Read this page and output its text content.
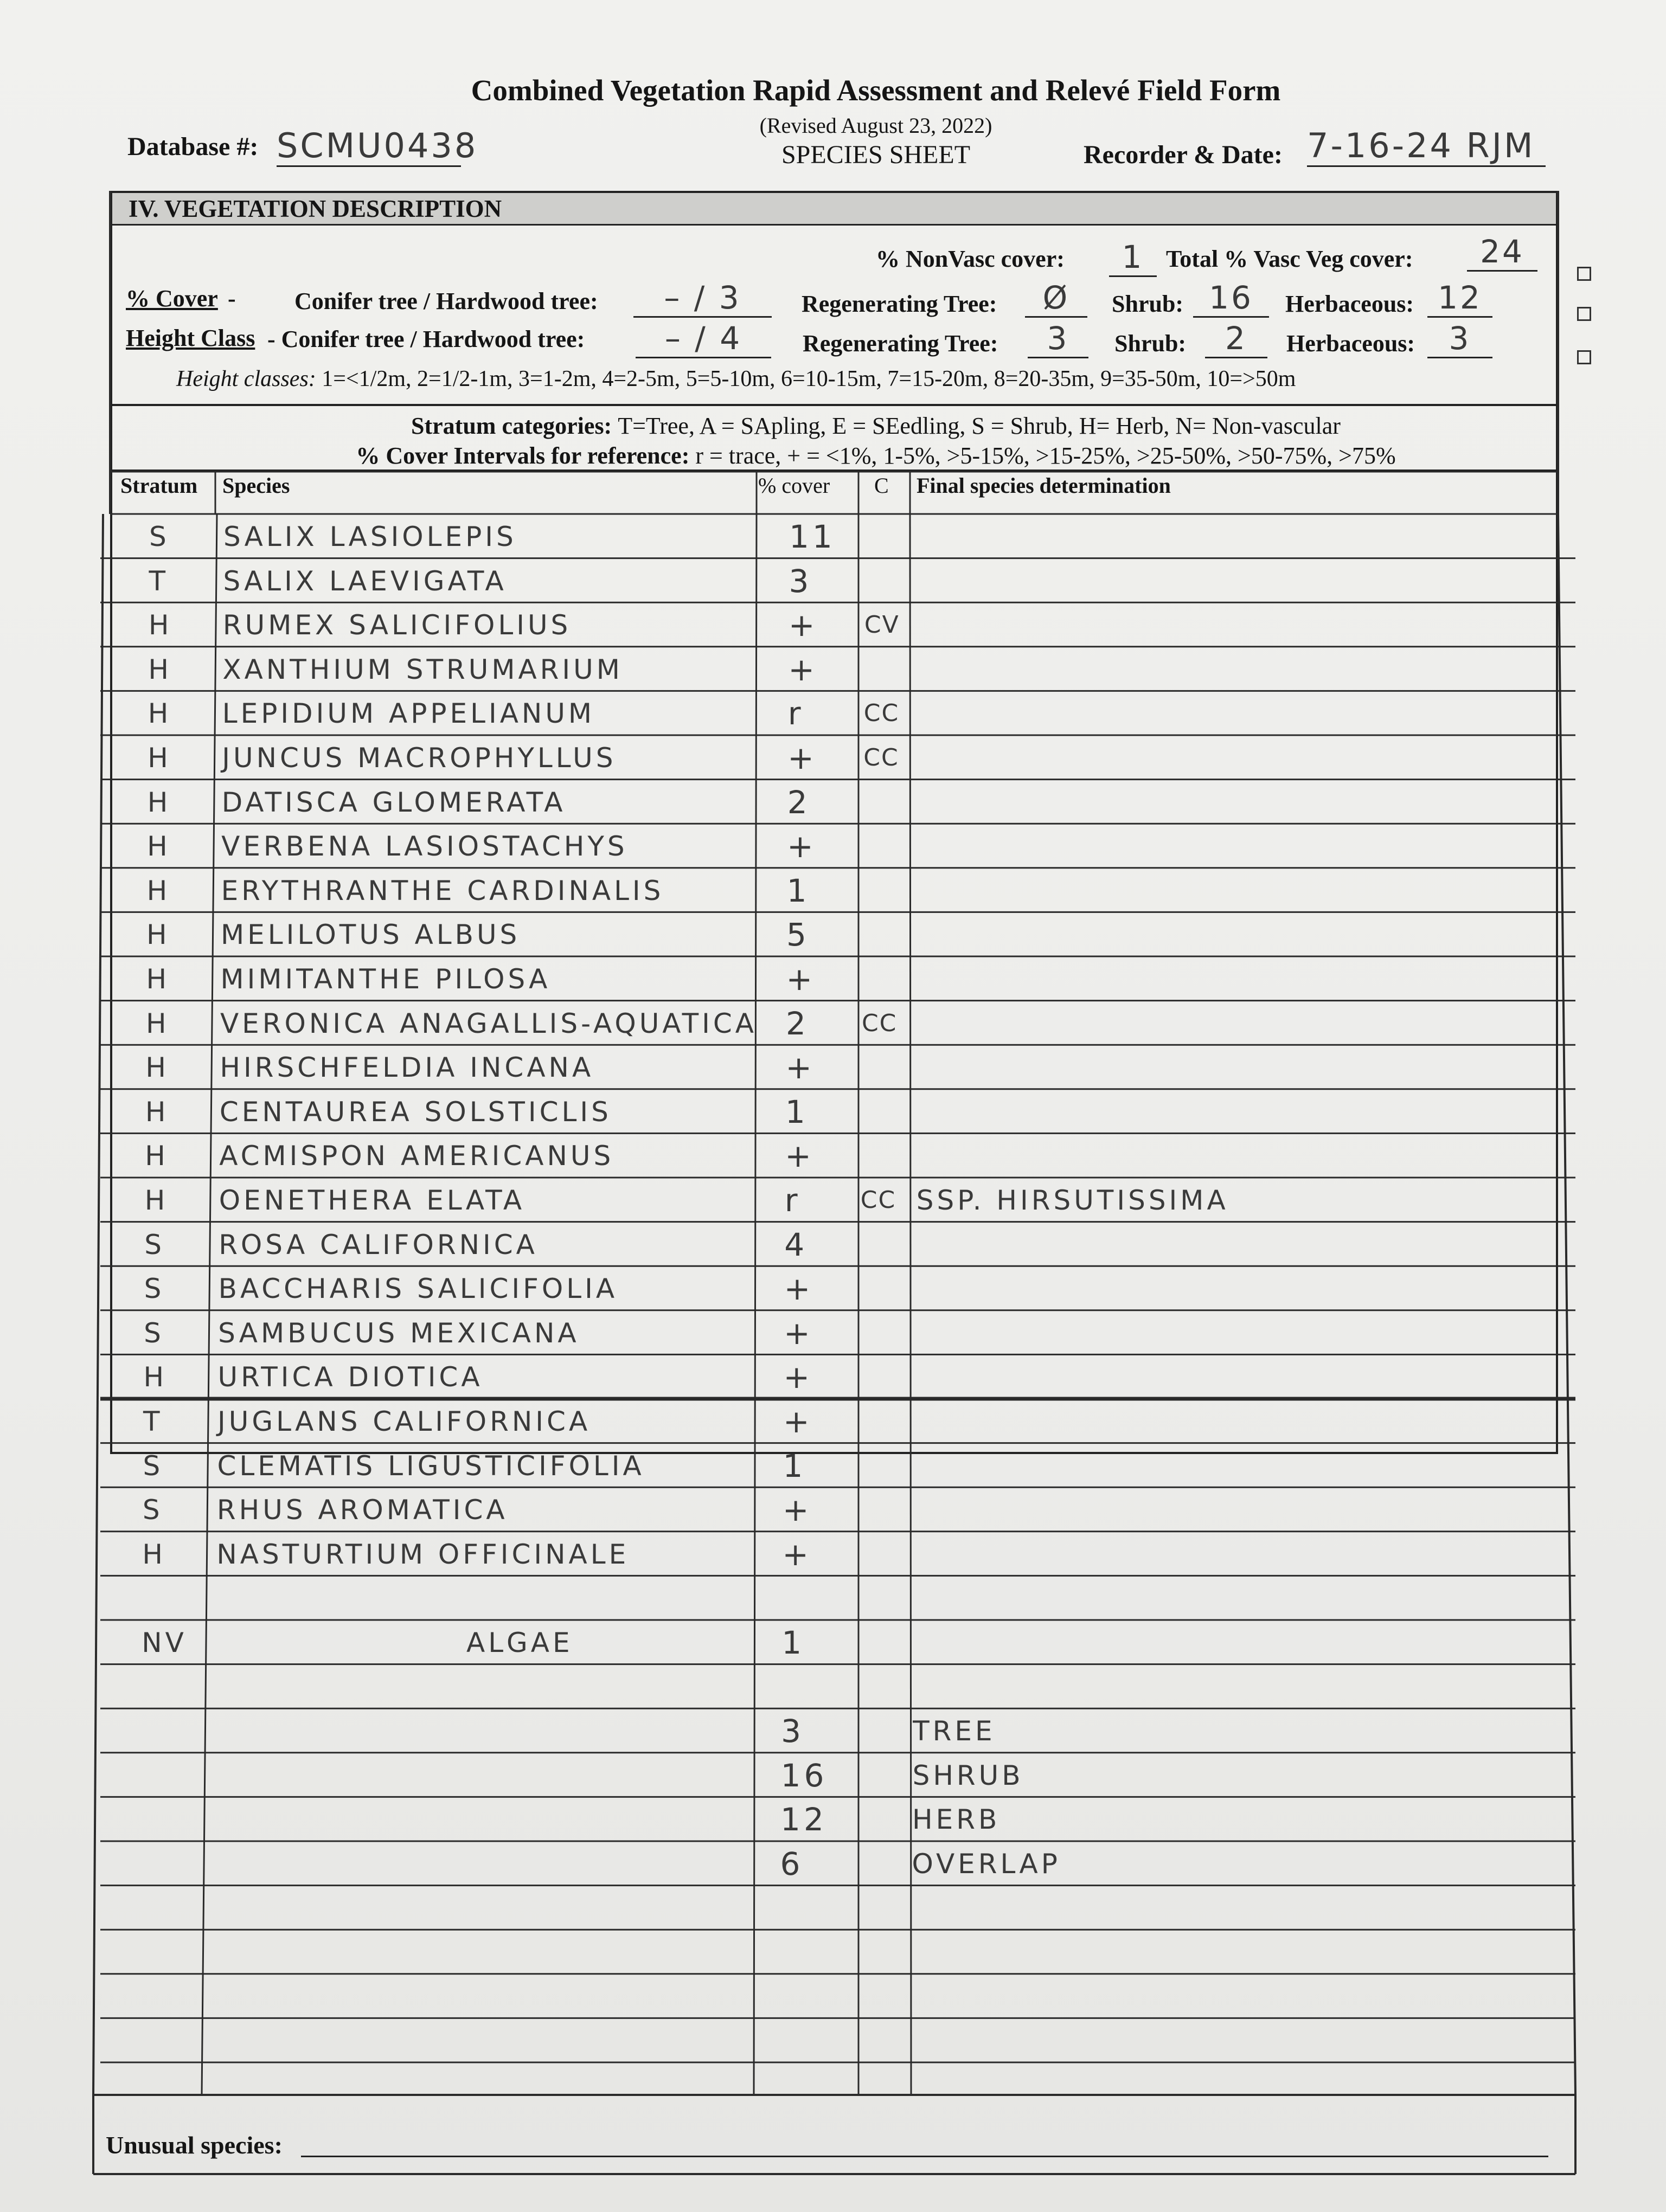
Combined Vegetation Rapid Assessment and Relevé Field Form
(Revised August 23, 2022)
SPECIES SHEET
Database #: SCMU0438	Recorder & Date: 7-16-24 RJM
IV. VEGETATION DESCRIPTION
% NonVasc cover:	1 Total % Vasc Veg cover:	24
% Cover - Conifer tree / Hardwood tree:	– / 3	Regenerating Tree:	Ø	Shrub: 16	Herbaceous: 12
Height Class - Conifer tree / Hardwood tree:	– / 4	Regenerating Tree:	3	Shrub:	2	Herbaceous:	3
Height classes: 1=<1/2m, 2=1/2-1m, 3=1-2m, 4=2-5m, 5=5-10m, 6=10-15m, 7=15-20m, 8=20-35m, 9=35-50m, 10=>50m
Stratum categories: T=Tree, A = SApling, E = SEedling, S = Shrub, H= Herb, N= Non-vascular
% Cover Intervals for reference: r = trace, + = <1%, 1-5%, >5-15%, >15-25%, >25-50%, >50-75%, >75%
Stratum Species	% cover C Final species determination
S SALIX LASIOLEPIS	11
T SALIX LAEVIGATA	3
H RUMEX SALICIFOLIUS	+ CV
H XANTHIUM STRUMARIUM	+
H LEPIDIUM APPELIANUM	r	CC
H JUNCUS MACROPHYLLUS	+ CC
H DATISCA GLOMERATA	2
H VERBENA LASIOSTACHYS	+
H ERYTHRANTHE CARDINALIS	1
H MELILOTUS ALBUS	5
H MIMITANTHE PILOSA	+
H VERONICA ANAGALLIS-AQUATICA 2 CC
H HIRSCHFELDIA INCANA	+
H CENTAUREA SOLSTICLIS	1
H ACMISPON AMERICANUS	+
H OENETHERA ELATA	r	CC SSP. HIRSUTISSIMA
S ROSA CALIFORNICA	4
S BACCHARIS SALICIFOLIA	+
S SAMBUCUS MEXICANA	+
H URTICA DIOTICA	+
T JUGLANS CALIFORNICA	+
S CLEMATIS LIGUSTICIFOLIA	1
S RHUS AROMATICA	+
H NASTURTIUM OFFICINALE	+
NV	ALGAE	1
3	TREE
16	SHRUB
12	HERB
6	OVERLAP
Unusual species:
